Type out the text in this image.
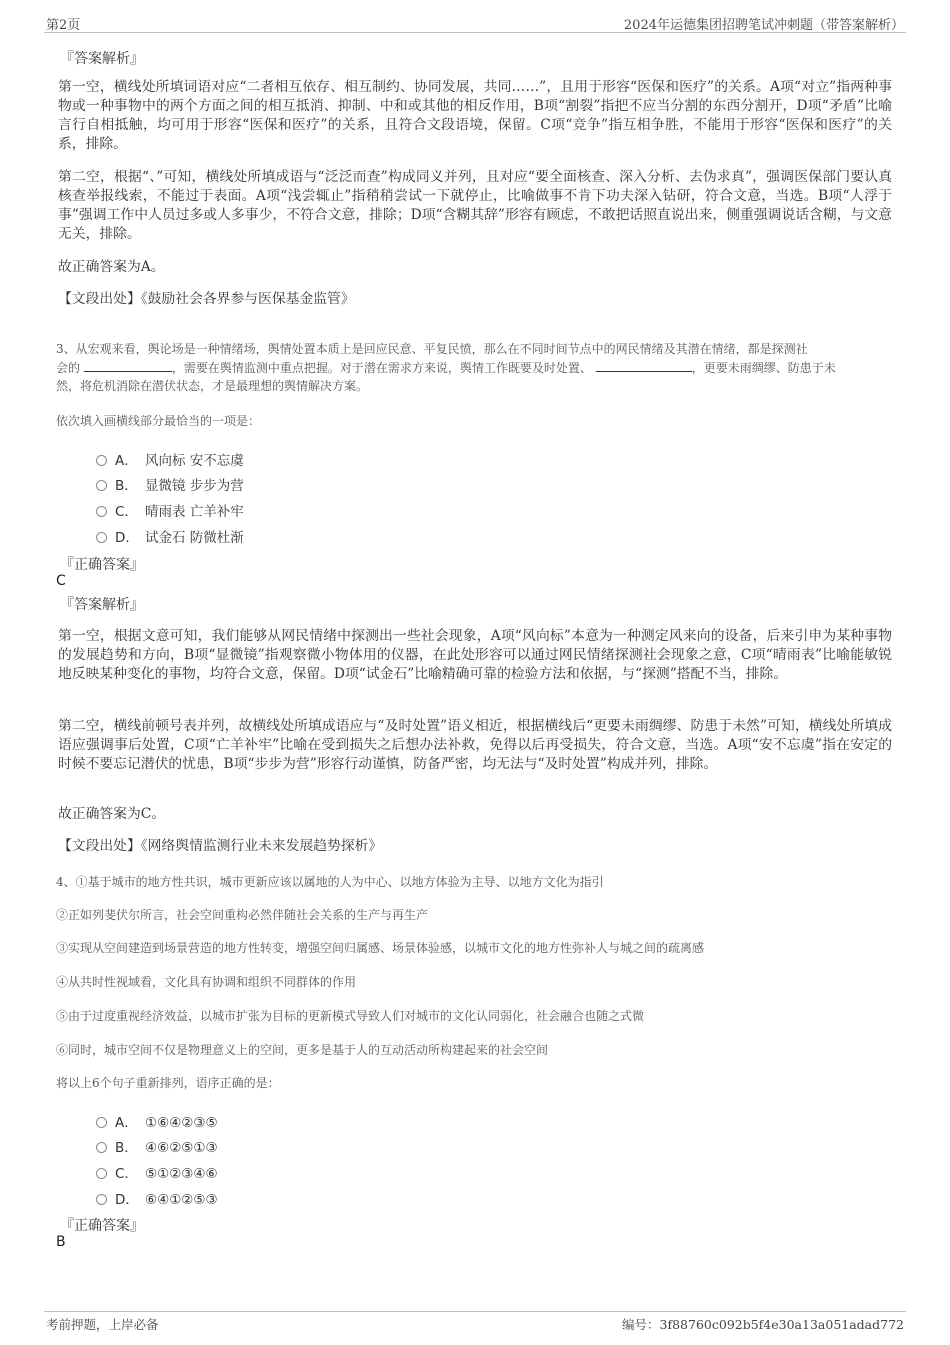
第2页	2024年运德集团招聘笔试冲刺题（带答案解析）
『答案解析』
第一空，横线处所填词语对应“二者相互依存、相互制约、协同发展，共同……”，且用于形容“医保和医疗”的关系。A项“对立”指两种事物或一种事物中的两个方面之间的相互抵消、抑制、中和或其他的相反作用，B项“割裂”指把不应当分割的东西分割开，D项“矛盾”比喻言行自相抵触，均可用于形容“医保和医疗”的关系，且符合文段语境，保留。C项“竞争”指互相争胜，不能用于形容“医保和医疗”的关系，排除。
第二空，根据“、”可知，横线处所填成语与“泛泛而查”构成同义并列，且对应“要全面核查、深入分析、去伪求真”，强调医保部门要认真核查举报线索，不能过于表面。A项“浅尝辄止”指稍稍尝试一下就停止，比喻做事不肯下功夫深入钻研，符合文意，当选。B项“人浮于事”强调工作中人员过多或人多事少，不符合文意，排除；D项“含糊其辞”形容有顾虑，不敢把话照直说出来，侧重强调说话含糊，与文意无关，排除。
故正确答案为A。
【文段出处】《鼓励社会各界参与医保基金监管》
3、从宏观来看，舆论场是一种情绪场，舆情处置本质上是回应民意、平复民愤，那么在不同时间节点中的网民情绪及其潜在情绪，都是探测社
会的	，需要在舆情监测中重点把握。对于潜在需求方来说，舆情工作既要及时处置、	，更要未雨绸缪、防患于未
然，将危机消除在潜伏状态，才是最理想的舆情解决方案。
依次填入画横线部分最恰当的一项是：
A． 风向标 安不忘虞
B． 显微镜 步步为营
C． 晴雨表 亡羊补牢
D． 试金石 防微杜渐
『正确答案』
C
『答案解析』
第一空，根据文意可知，我们能够从网民情绪中探测出一些社会现象，A项“风向标”本意为一种测定风来向的设备，后来引申为某种事物的发展趋势和方向，B项“显微镜”指观察微小物体用的仪器，在此处形容可以通过网民情绪探测社会现象之意，C项“晴雨表”比喻能敏锐地反映某种变化的事物，均符合文意，保留。D项“试金石”比喻精确可靠的检验方法和依据，与“探测”搭配不当，排除。
第二空，横线前顿号表并列，故横线处所填成语应与“及时处置”语义相近，根据横线后“更要未雨绸缪、防患于未然”可知，横线处所填成语应强调事后处置，C项“亡羊补牢”比喻在受到损失之后想办法补救，免得以后再受损失，符合文意，当选。A项“安不忘虞”指在安定的时候不要忘记潜伏的忧患，B项“步步为营”形容行动谨慎，防备严密，均无法与“及时处置”构成并列，排除。
故正确答案为C。
【文段出处】《网络舆情监测行业未来发展趋势探析》
4、①基于城市的地方性共识，城市更新应该以属地的人为中心、以地方体验为主导、以地方文化为指引
②正如列斐伏尔所言，社会空间重构必然伴随社会关系的生产与再生产
③实现从空间建造到场景营造的地方性转变，增强空间归属感、场景体验感，以城市文化的地方性弥补人与城之间的疏离感
④从共时性视域看，文化具有协调和组织不同群体的作用
⑤由于过度重视经济效益，以城市扩张为目标的更新模式导致人们对城市的文化认同弱化，社会融合也随之式微
⑥同时，城市空间不仅是物理意义上的空间，更多是基于人的互动活动所构建起来的社会空间
将以上6个句子重新排列，语序正确的是：
A． ①⑥④②③⑤
B． ④⑥②⑤①③
C． ⑤①②③④⑥
D． ⑥④①②⑤③
『正确答案』
B
考前押题，上岸必备	编号：3f88760c092b5f4e30a13a051adad772
